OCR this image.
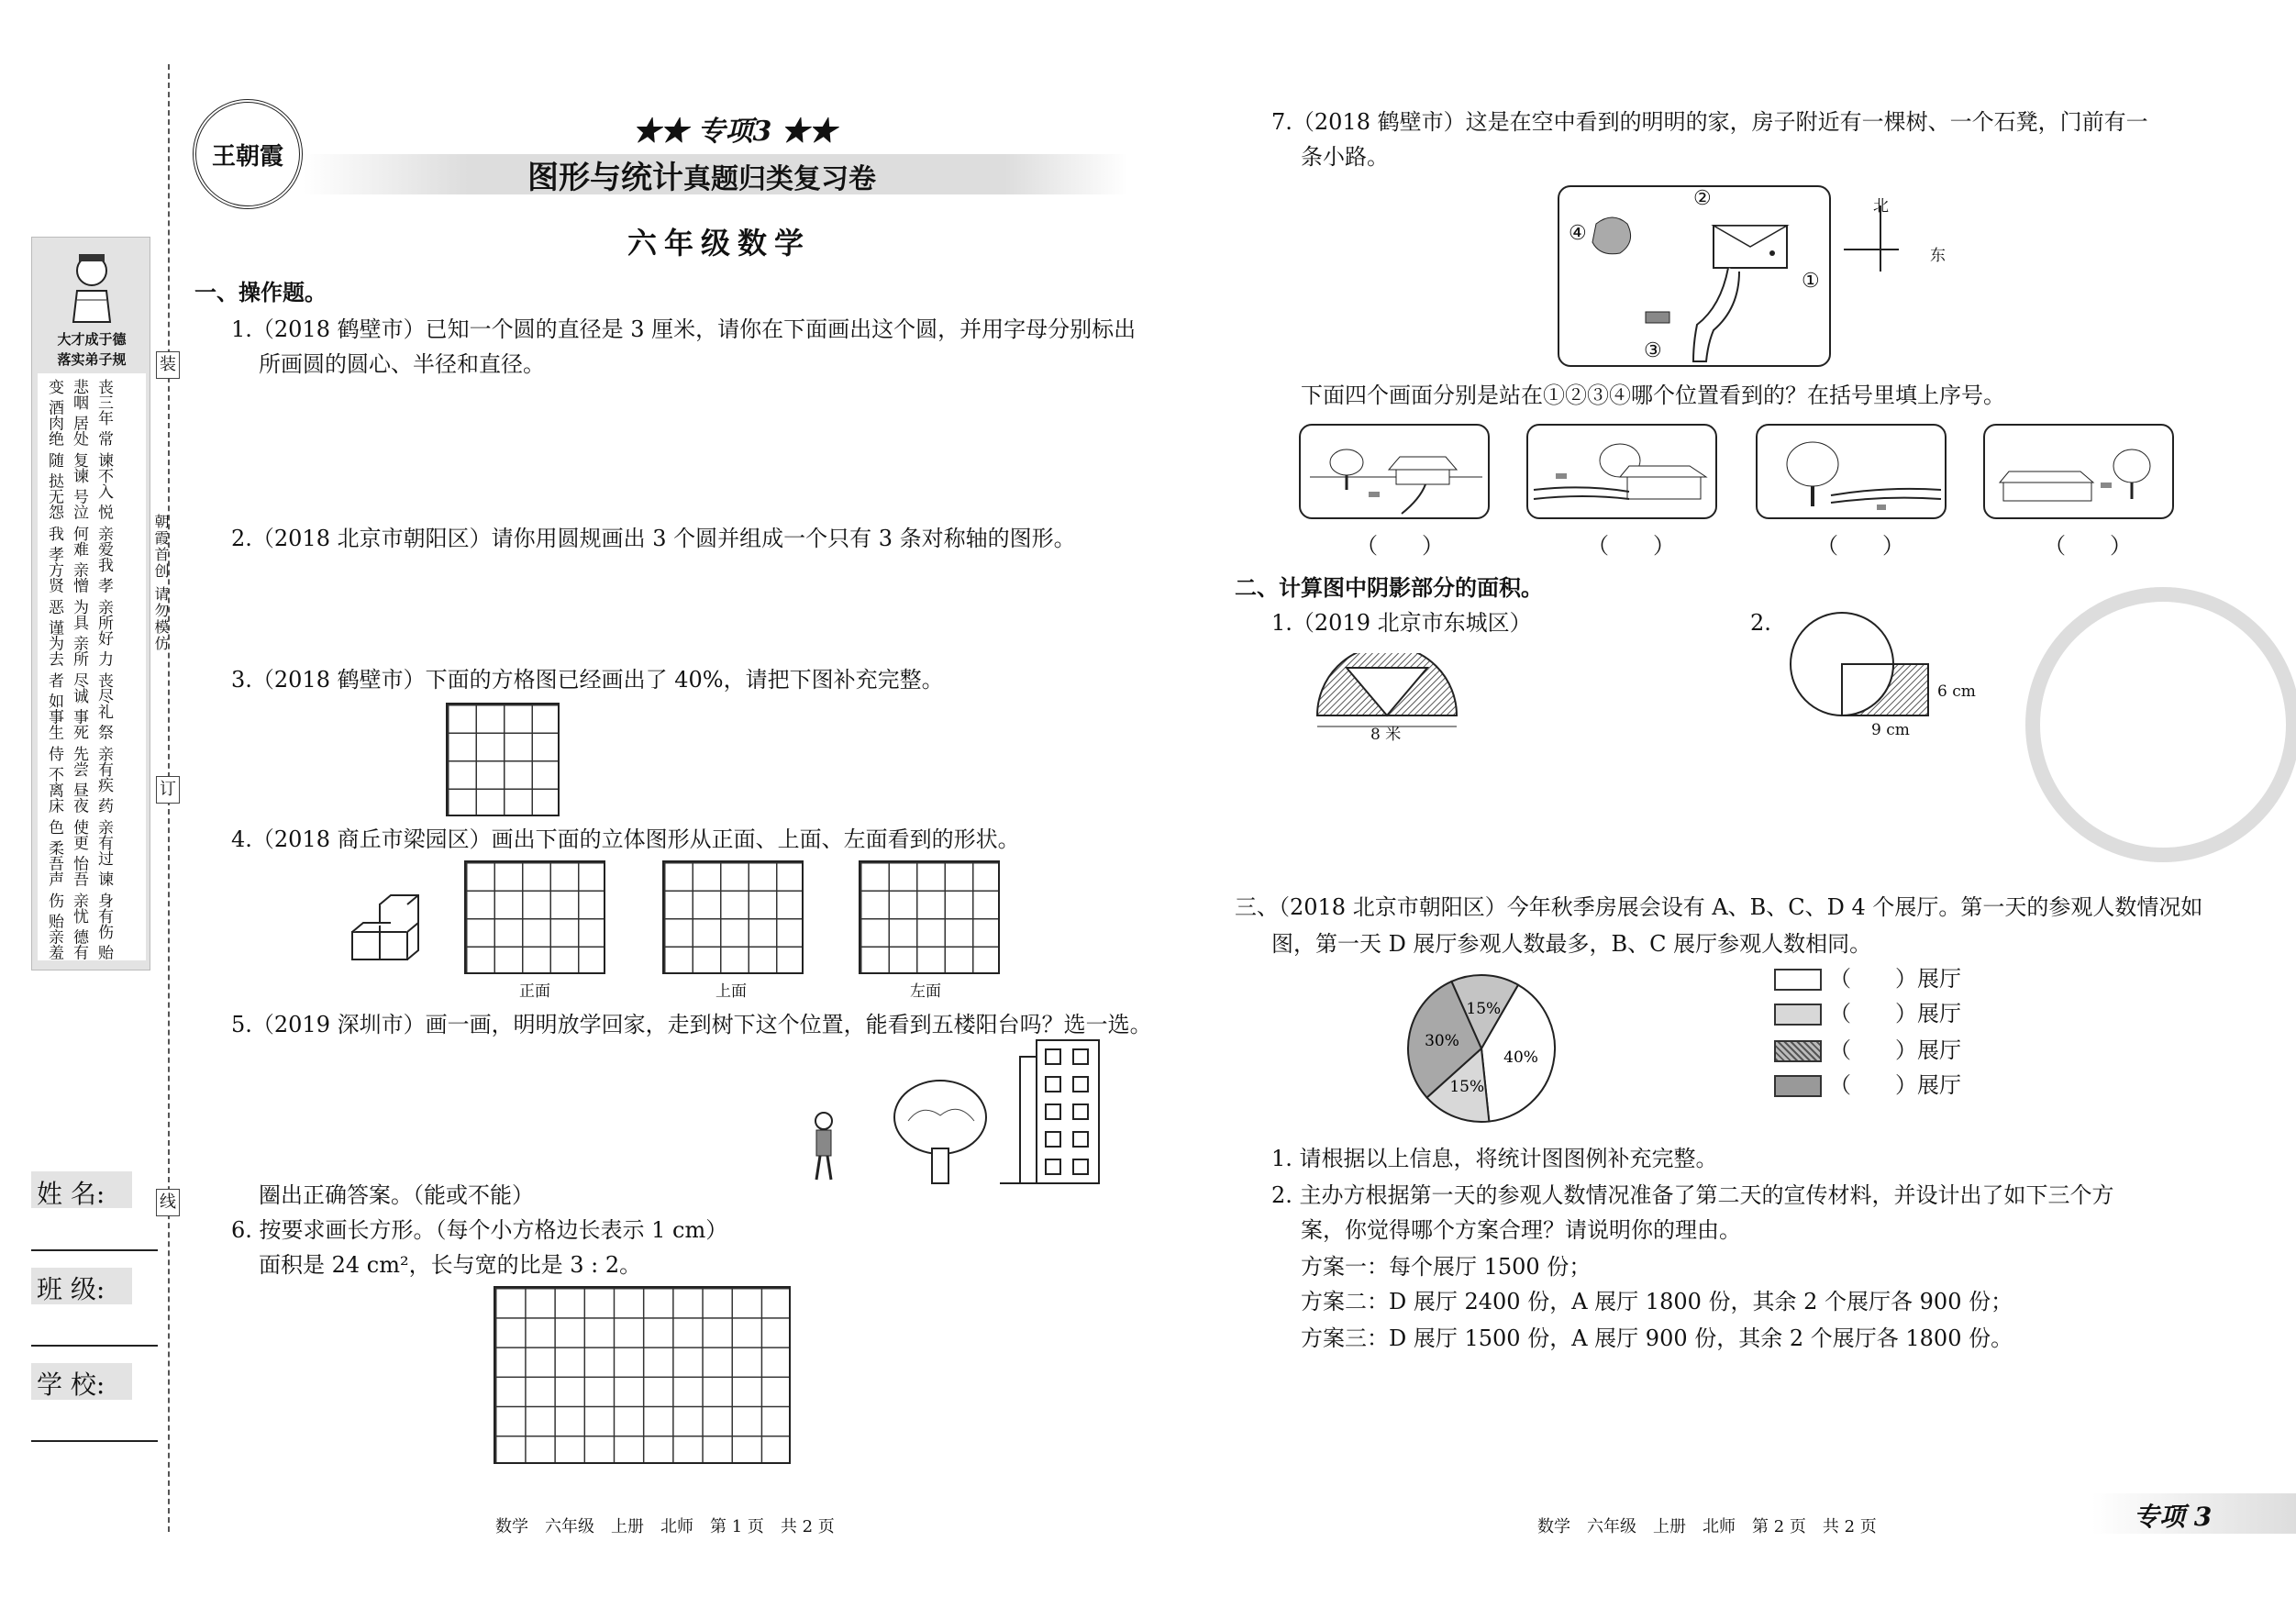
装
订
线
朝霞首创 请勿模仿
大才成于德
落实弟子规
丧三年 常悲咽 居处变 酒肉绝
谏不入 悦复谏 号泣随 挞无怨
亲爱我 孝何难 亲憎我 孝方贤
亲所好 力为具 亲所恶 谨为去
丧尽礼 祭尽诚 事死者 如事生
亲有疾 药先尝 昼夜侍 不离床
亲有过 谏使更 怡吾色 柔吾声
身有伤 贻亲忧 德有伤 贻亲羞
姓 名:
班 级:
学 校:
王朝霞
★★ 专项3 ★★
图形与统计真题归类复习卷
六年级数学
一、操作题。
1.（2018 鹤壁市）已知一个圆的直径是 3 厘米，请你在下面画出这个圆，并用字母分别标出
所画圆的圆心、半径和直径。
2.（2018 北京市朝阳区）请你用圆规画出 3 个圆并组成一个只有 3 条对称轴的图形。
3.（2018 鹤壁市）下面的方格图已经画出了 40%，请把下图补充完整。
4.（2018 商丘市梁园区）画出下面的立体图形从正面、上面、左面看到的形状。
正面	上面	左面
5.（2019 深圳市）画一画，明明放学回家，走到树下这个位置，能看到五楼阳台吗？选一选。
圈出正确答案。（能或不能）
6. 按要求画长方形。（每个小方格边长表示 1 cm）
面积是 24 cm²，长与宽的比是 3 : 2。
数学　六年级　上册　北师　第 1 页　共 2 页
7.（2018 鹤壁市）这是在空中看到的明明的家，房子附近有一棵树、一个石凳，门前有一
条小路。
②
④
①
③
北
东
下面四个画面分别是站在①②③④哪个位置看到的？在括号里填上序号。
（　　）	（　　）	（　　）	（　　）
二、计算图中阴影部分的面积。
1.（2019 北京市东城区）
8 米
2.
6 cm
9 cm
三、（2018 北京市朝阳区）今年秋季房展会设有 A、B、C、D 4 个展厅。第一天的参观人数情况如
图，第一天 D 展厅参观人数最多，B、C 展厅参观人数相同。
40%
15%
30%
15%
（　　）展厅
（　　）展厅
（　　）展厅
（　　）展厅
1. 请根据以上信息，将统计图图例补充完整。
2. 主办方根据第一天的参观人数情况准备了第二天的宣传材料，并设计出了如下三个方
案，你觉得哪个方案合理？请说明你的理由。
方案一：每个展厅 1500 份；
方案二：D 展厅 2400 份，A 展厅 1800 份，其余 2 个展厅各 900 份；
方案三：D 展厅 1500 份，A 展厅 900 份，其余 2 个展厅各 1800 份。
数学　六年级　上册　北师　第 2 页　共 2 页	专项 3
